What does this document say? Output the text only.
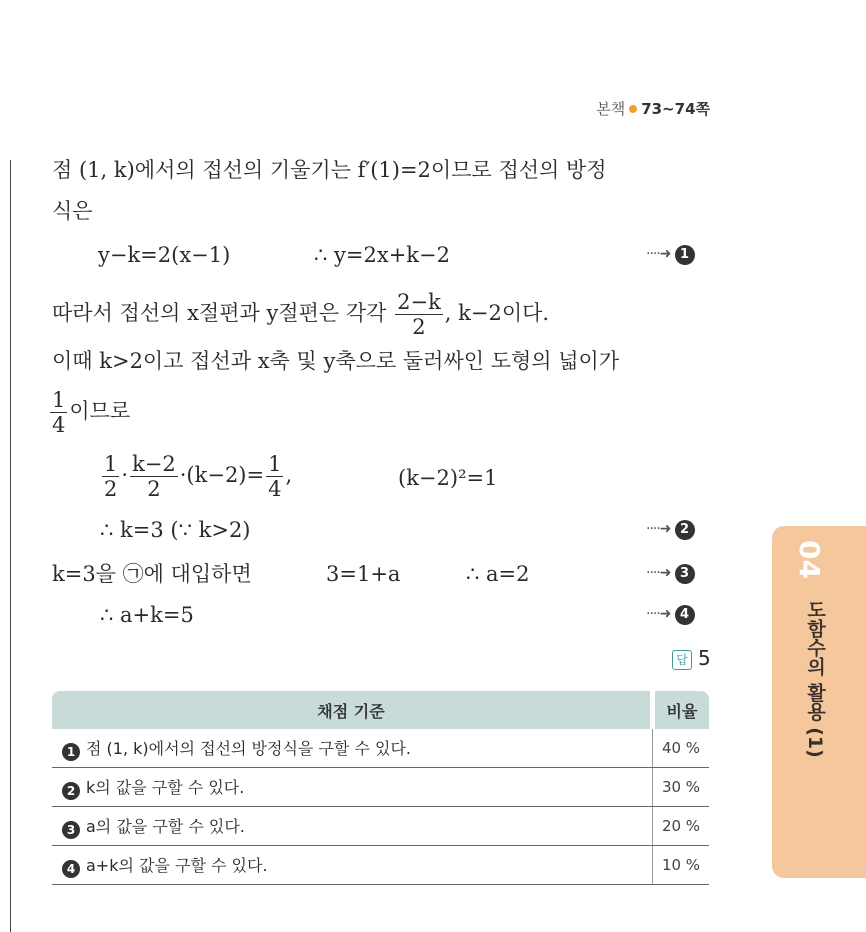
본책 73~74쪽
점 (1, k)에서의 접선의 기울기는 f′(1)=2이므로 접선의 방정
식은
y−k=2(x−1)	∴ y=2x+k−2	····➜ 1
따라서 접선의 x절편과 y절편은 각각 $\frac{2-k}{2}$ , k−2이다.
이때 k>2이고 접선과 x축 및 y축으로 둘러싸인 도형의 넓이가
$\frac{1}{4}$ 이므로
$\frac{1}{2} \cdot \frac{k-2}{2} \cdot(k-2)= \frac{1}{4}$ ,	(k−2)²=1
∴ k=3 (∵ k>2)	····➜ 2
k=3을 ㉠에 대입하면	3=1+a	∴ a=2	····➜ 3
∴ a+k=5	····➜ 4
답 5
채점 기준	비율
1 점 (1, k)에서의 접선의 방정식을 구할 수 있다.	40 %
2 k의 값을 구할 수 있다.	30 %
3 a의 값을 구할 수 있다.	20 %
4 a+k의 값을 구할 수 있다.	10 %
04
도함수의 활용 (1)
